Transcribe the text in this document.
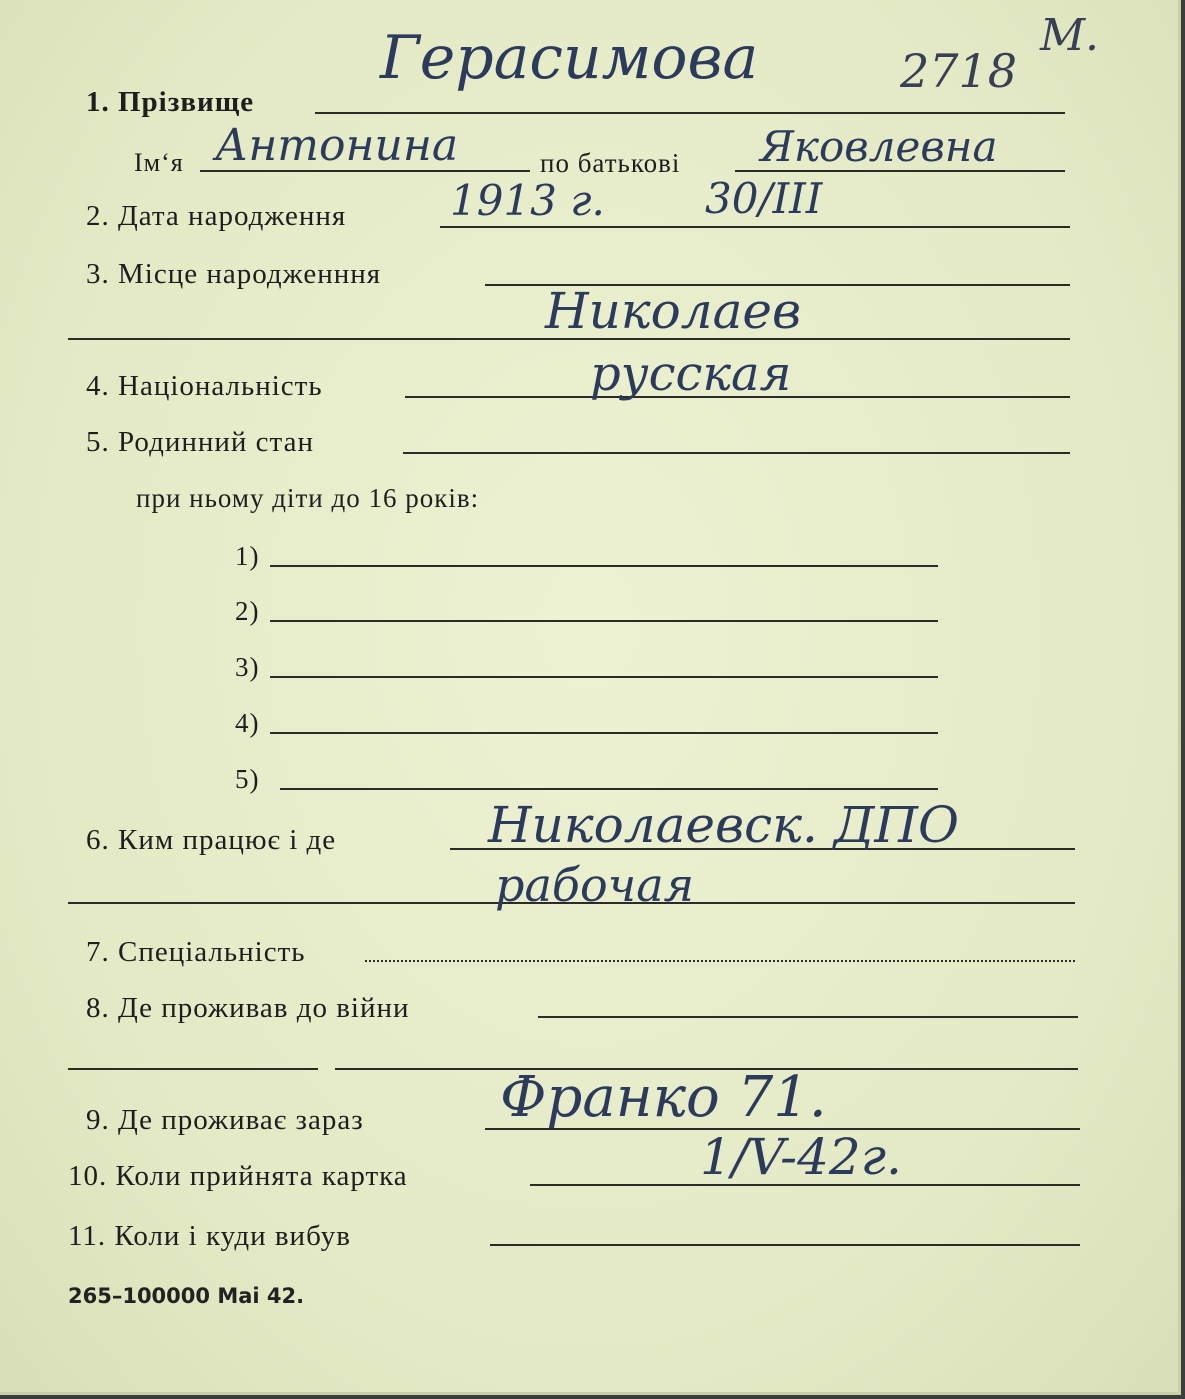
1. Прізвище
Герасимова	2718
М.
Ім‘я Антонина	по батькові Яковлевна
2. Дата народження 1913 г. 30/III
3. Місце народженння
Николаев
4. Національність	русская
5. Родинний стан
при ньому діти до 16 років:
1)
2)
3)
4)
5)
6. Ким працює і де	Николаевск. ДПО
рабочая
7. Спеціальність
8. Де проживав до війни
9. Де проживає зараз Франко 71.
10. Коли прийнята картка	1/V-42г.
11. Коли і куди вибув
265–100000 Mai 42.
